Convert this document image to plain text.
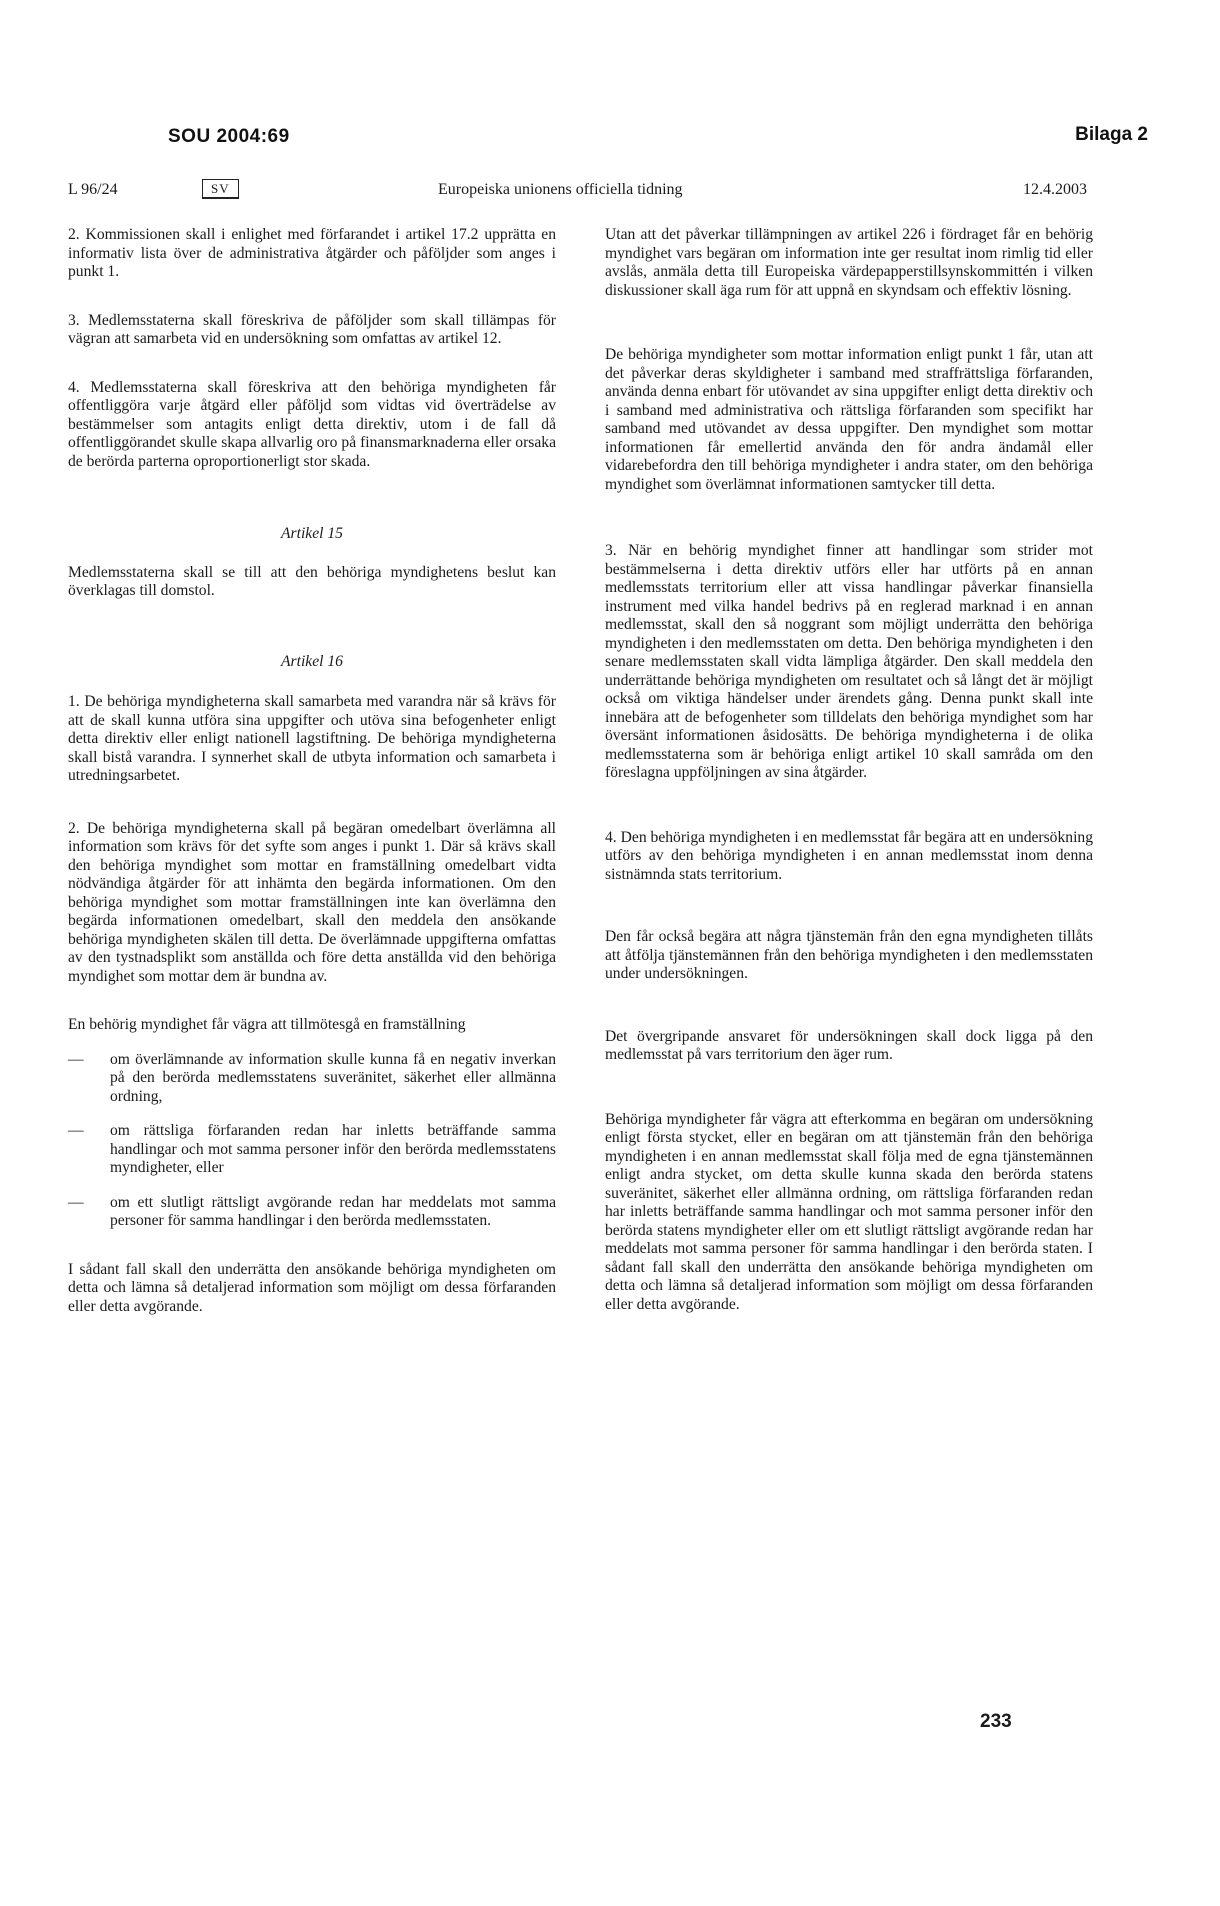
SOU 2004:69	Bilaga 2
L 96/24	SV	Europeiska unionens officiella tidning	12.4.2003

2. Kommissionen skall i enlighet med förfarandet i artikel 17.2 upprätta en informativ lista över de administrativa åtgärder och påföljder som anges i punkt 1.

3. Medlemsstaterna skall föreskriva de påföljder som skall tillämpas för vägran att samarbeta vid en undersökning som omfattas av artikel 12.

4. Medlemsstaterna skall föreskriva att den behöriga myndigheten får offentliggöra varje åtgärd eller påföljd som vidtas vid överträdelse av bestämmelser som antagits enligt detta direktiv, utom i de fall då offentliggörandet skulle skapa allvarlig oro på finansmarknaderna eller orsaka de berörda parterna oproportionerligt stor skada.

Artikel 15

Medlemsstaterna skall se till att den behöriga myndighetens beslut kan överklagas till domstol.

Artikel 16

1. De behöriga myndigheterna skall samarbeta med varandra när så krävs för att de skall kunna utföra sina uppgifter och utöva sina befogenheter enligt detta direktiv eller enligt nationell lagstiftning. De behöriga myndigheterna skall bistå varandra. I synnerhet skall de utbyta information och samarbeta i utredningsarbetet.

2. De behöriga myndigheterna skall på begäran omedelbart överlämna all information som krävs för det syfte som anges i punkt 1. Där så krävs skall den behöriga myndighet som mottar en framställning omedelbart vidta nödvändiga åtgärder för att inhämta den begärda informationen. Om den behöriga myndighet som mottar framställningen inte kan överlämna den begärda informationen omedelbart, skall den meddela den ansökande behöriga myndigheten skälen till detta. De överlämnade uppgifterna omfattas av den tystnadsplikt som anställda och före detta anställda vid den behöriga myndighet som mottar dem är bundna av.

En behörig myndighet får vägra att tillmötesgå en framställning

— om överlämnande av information skulle kunna få en negativ inverkan på den berörda medlemsstatens suveränitet, säkerhet eller allmänna ordning,

— om rättsliga förfaranden redan har inletts beträffande samma handlingar och mot samma personer inför den berörda medlemsstatens myndigheter, eller

— om ett slutligt rättsligt avgörande redan har meddelats mot samma personer för samma handlingar i den berörda medlemsstaten.

I sådant fall skall den underrätta den ansökande behöriga myndigheten om detta och lämna så detaljerad information som möjligt om dessa förfaranden eller detta avgörande.

Utan att det påverkar tillämpningen av artikel 226 i fördraget får en behörig myndighet vars begäran om information inte ger resultat inom rimlig tid eller avslås, anmäla detta till Europeiska värdepapperstillsynskommittén i vilken diskussioner skall äga rum för att uppnå en skyndsam och effektiv lösning.

De behöriga myndigheter som mottar information enligt punkt 1 får, utan att det påverkar deras skyldigheter i samband med straffrättsliga förfaranden, använda denna enbart för utövandet av sina uppgifter enligt detta direktiv och i samband med administrativa och rättsliga förfaranden som specifikt har samband med utövandet av dessa uppgifter. Den myndighet som mottar informationen får emellertid använda den för andra ändamål eller vidarebefordra den till behöriga myndigheter i andra stater, om den behöriga myndighet som överlämnat informationen samtycker till detta.

3. När en behörig myndighet finner att handlingar som strider mot bestämmelserna i detta direktiv utförs eller har utförts på en annan medlemsstats territorium eller att vissa handlingar påverkar finansiella instrument med vilka handel bedrivs på en reglerad marknad i en annan medlemsstat, skall den så noggrant som möjligt underrätta den behöriga myndigheten i den medlemsstaten om detta. Den behöriga myndigheten i den senare medlemsstaten skall vidta lämpliga åtgärder. Den skall meddela den underrättande behöriga myndigheten om resultatet och så långt det är möjligt också om viktiga händelser under ärendets gång. Denna punkt skall inte innebära att de befogenheter som tilldelats den behöriga myndighet som har översänt informationen åsidosätts. De behöriga myndigheterna i de olika medlemsstaterna som är behöriga enligt artikel 10 skall samråda om den föreslagna uppföljningen av sina åtgärder.

4. Den behöriga myndigheten i en medlemsstat får begära att en undersökning utförs av den behöriga myndigheten i en annan medlemsstat inom denna sistnämnda stats territorium.

Den får också begära att några tjänstemän från den egna myndigheten tillåts att åtfölja tjänstemännen från den behöriga myndigheten i den medlemsstaten under undersökningen.

Det övergripande ansvaret för undersökningen skall dock ligga på den medlemsstat på vars territorium den äger rum.

Behöriga myndigheter får vägra att efterkomma en begäran om undersökning enligt första stycket, eller en begäran om att tjänstemän från den behöriga myndigheten i en annan medlemsstat skall följa med de egna tjänstemännen enligt andra stycket, om detta skulle kunna skada den berörda statens suveränitet, säkerhet eller allmänna ordning, om rättsliga förfaranden redan har inletts beträffande samma handlingar och mot samma personer inför den berörda statens myndigheter eller om ett slutligt rättsligt avgörande redan har meddelats mot samma personer för samma handlingar i den berörda staten. I sådant fall skall den underrätta den ansökande behöriga myndigheten om detta och lämna så detaljerad information som möjligt om dessa förfaranden eller detta avgörande.

233
